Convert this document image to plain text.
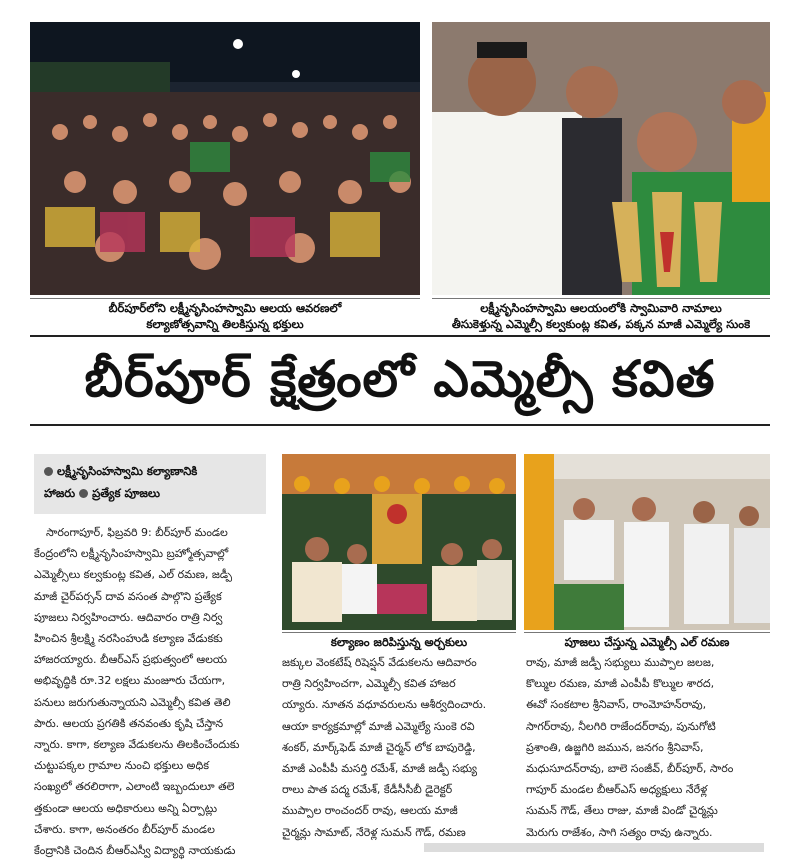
బీర్‌పూర్‌లోని లక్ష్మీనృసింహస్వామి ఆలయ ఆవరణలో
కల్యాణోత్సవాన్ని తిలకిస్తున్న భక్తులు
లక్ష్మీనృసింహస్వామి ఆలయంలోకి స్వామివారి నామాలు
తీసుకెళ్తున్న ఎమ్మెల్సీ కల్వకుంట్ల కవిత, పక్కన మాజీ ఎమ్మెల్యే సుంకె
బీర్‌పూర్ క్షేత్రంలో ఎమ్మెల్సీ కవిత
లక్ష్మీనృసింహస్వామి కల్యాణానికి
హాజరు ప్రత్యేక పూజలు
కల్యాణం జరిపిస్తున్న అర్చకులు	పూజలు చేస్తున్న ఎమ్మెల్సీ ఎల్ రమణ
సారంగాపూర్, ఫిబ్రవరి 9: బీర్‌పూర్ మండల
కేంద్రంలోని లక్ష్మీనృసింహస్వామి బ్రహ్మోత్సవాల్లో
ఎమ్మెల్సీలు కల్వకుంట్ల కవిత, ఎల్ రమణ, జడ్పీ
మాజీ చైర్‌పర్సన్ దావ వసంత పాల్గొని ప్రత్యేక
పూజలు నిర్వహించారు. ఆదివారం రాత్రి నిర్వ
హించిన శ్రీలక్ష్మి నరసింహుడి కల్యాణ వేడుకకు
హాజరయ్యారు. బీఆర్‌ఎస్ ప్రభుత్వంలో ఆలయ
అభివృద్ధికి రూ.32 లక్షలు మంజూరు చేయగా,
పనులు జరుగుతున్నాయని ఎమ్మెల్సీ కవిత తెలి
పారు. ఆలయ ప్రగతికి తనవంతు కృషి చేస్తాన
న్నారు. కాగా, కల్యాణ వేడుకలను తిలకించేందుకు
చుట్టుపక్కల గ్రామాల నుంచి భక్తులు అధిక
సంఖ్యలో తరలిరాగా, ఎలాంటి ఇబ్బందులూ తలె
త్తకుండా ఆలయ అధికారులు అన్ని ఏర్పాట్లు
చేశారు. కాగా, అనంతరం బీర్‌పూర్ మండల
కేంద్రానికి చెందిన బీఆర్‌ఎస్వీ విద్యార్థి నాయకుడు
జక్కుల వెంకటేష్ రిషెప్షన్ వేడుకలను ఆదివారం
రాత్రి నిర్వహించగా, ఎమ్మెల్సీ కవిత హాజర
య్యారు. నూతన వధూవరులను ఆశీర్వదించారు.
ఆయా కార్యక్రమాల్లో మాజీ ఎమ్మెల్యే సుంకె రవి
శంకర్, మార్క్‌ఫెడ్ మాజీ చైర్మన్ లోక బాపురెడ్డి,
మాజీ ఎంపీపీ మసర్తి రమేశ్, మాజీ జడ్పీ సభ్యు
రాలు పాత పద్మ రమేశ్, కేడీసీసీబీ డైరెక్టర్
ముప్పాల రాంచందర్ రావు, ఆలయ మాజీ
చైర్మన్లు సామాట్, నేరెళ్ల సుమన్ గౌడ్, రమణ
రావు, మాజీ జడ్పీ సభ్యులు ముప్పాల జలజ,
కొల్ముల రమణ, మాజీ ఎంపీపీ కొల్ముల శారద,
ఈవో సంకటాల శ్రీనివాస్, రాంమోహన్‌రావు,
సాగర్‌రావు, నీలగిరి రాజేందర్‌రావు, పునుగోటి
ప్రశాంతి, ఉజ్జగిరి జమున, జనగం శ్రీనివాస్,
మధుసూదన్‌రావు, బాలె సంజీవ్, బీర్‌పూర్, సారం
గాపూర్ మండల బీఆర్‌ఎస్ అధ్యక్షులు నేరేళ్ల
సుమన్ గౌడ్, తేలు రాజు, మాజీ విండో చైర్మన్లు
మెరుగు రాజేశం, సాగి సత్యం రావు ఉన్నారు.
